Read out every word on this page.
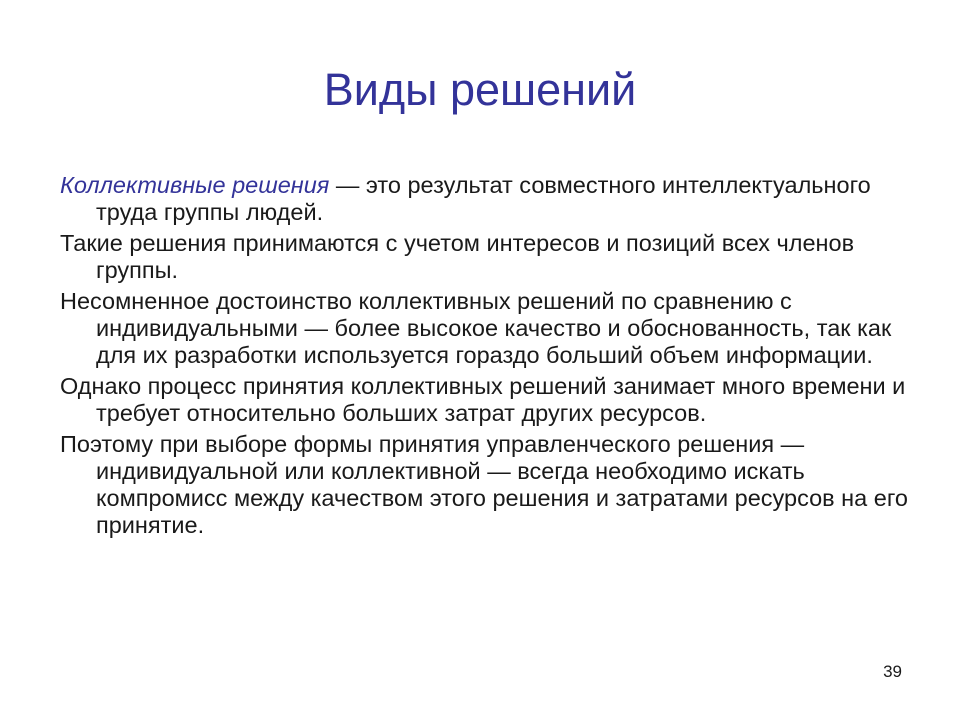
Виды решений

Коллективные решения — это результат совместного интеллектуального труда группы людей.

Такие решения принимаются с учетом интересов и позиций всех членов группы.

Несомненное достоинство коллективных решений по сравнению с индивидуальными — более высокое качество и обоснованность, так как для их разработки используется гораздо больший объем информации.

Однако процесс принятия коллективных решений занимает много времени и требует относительно больших затрат других ресурсов.

Поэтому при выборе формы принятия управленческого решения — индивидуальной или коллективной — всегда необходимо искать компромисс между качеством этого решения и затратами ресурсов на его принятие.

39
